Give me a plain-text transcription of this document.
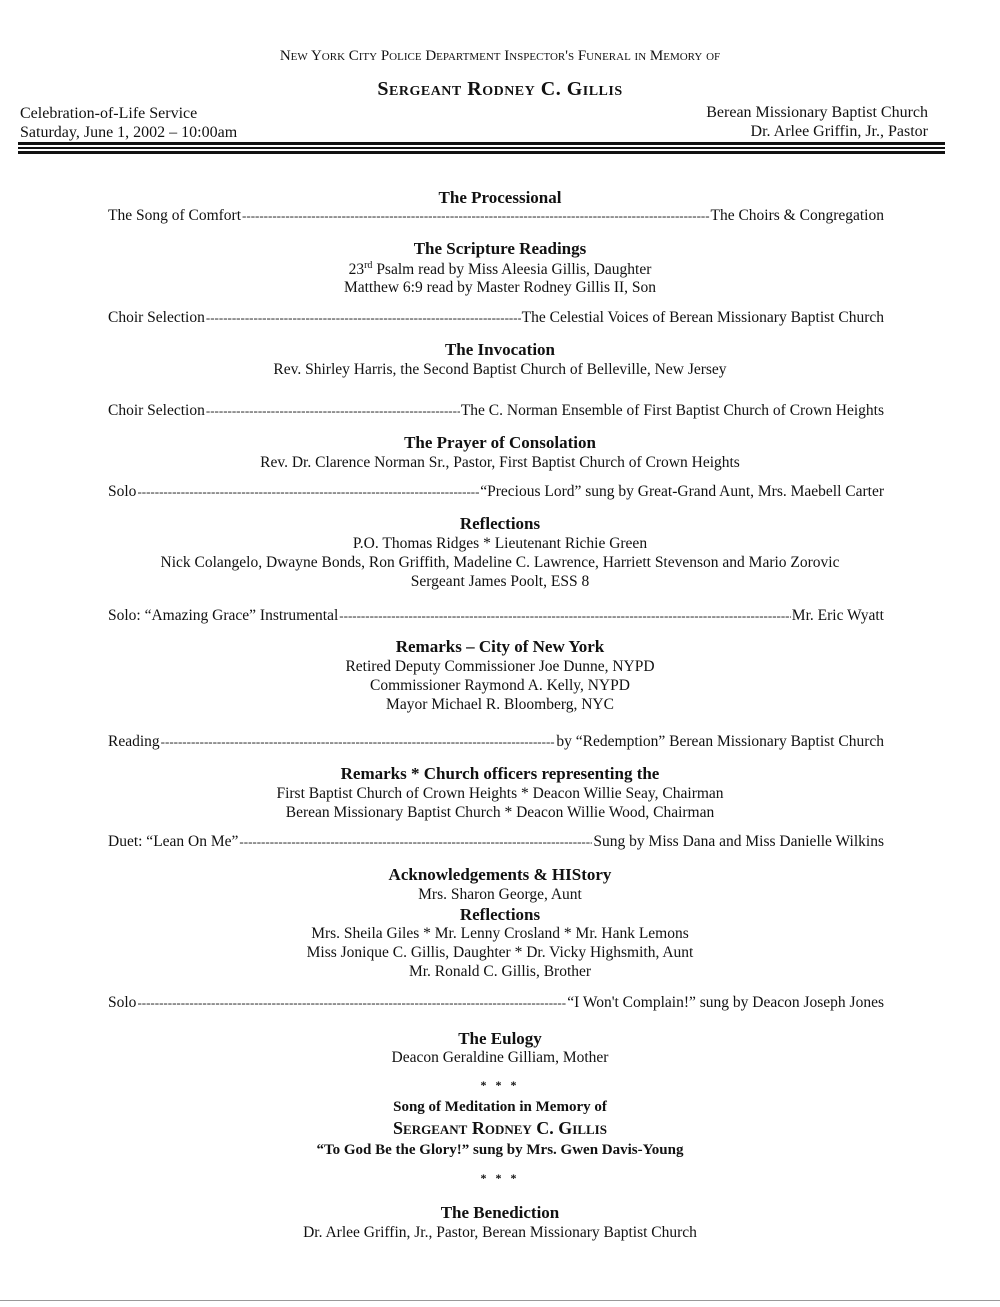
New York City Police Department Inspector's Funeral in Memory of
Sergeant Rodney C. Gillis
Celebration-of-Life Service
Saturday, June 1, 2002 – 10:00am
Berean Missionary Baptist Church
Dr. Arlee Griffin, Jr., Pastor
The Processional
The Song of Comfort -----	The Choirs & Congregation
The Scripture Readings
23rd Psalm read by Miss Aleesia Gillis, Daughter
Matthew 6:9 read by Master Rodney Gillis II, Son
Choir Selection -----	The Celestial Voices of Berean Missionary Baptist Church
The Invocation
Rev. Shirley Harris, the Second Baptist Church of Belleville, New Jersey
Choir Selection -----	The C. Norman Ensemble of First Baptist Church of Crown Heights
The Prayer of Consolation
Rev. Dr. Clarence Norman Sr., Pastor, First Baptist Church of Crown Heights
Solo -----	“Precious Lord” sung by Great-Grand Aunt, Mrs. Maebell Carter
Reflections
P.O. Thomas Ridges * Lieutenant Richie Green
Nick Colangelo, Dwayne Bonds, Ron Griffith, Madeline C. Lawrence, Harriett Stevenson and Mario Zorovic
Sergeant James Poolt, ESS 8
Solo: “Amazing Grace” Instrumental -----	Mr. Eric Wyatt
Remarks – City of New York
Retired Deputy Commissioner Joe Dunne, NYPD
Commissioner Raymond A. Kelly, NYPD
Mayor Michael R. Bloomberg, NYC
Reading -----	by “Redemption” Berean Missionary Baptist Church
Remarks * Church officers representing the
First Baptist Church of Crown Heights * Deacon Willie Seay, Chairman
Berean Missionary Baptist Church * Deacon Willie Wood, Chairman
Duet: “Lean On Me” -----	Sung by Miss Dana and Miss Danielle Wilkins
Acknowledgements & HIStory
Mrs. Sharon George, Aunt
Reflections
Mrs. Sheila Giles * Mr. Lenny Crosland * Mr. Hank Lemons
Miss Jonique C. Gillis, Daughter * Dr. Vicky Highsmith, Aunt
Mr. Ronald C. Gillis, Brother
Solo -----	“I Won't Complain!” sung by Deacon Joseph Jones
The Eulogy
Deacon Geraldine Gilliam, Mother
* * *
Song of Meditation in Memory of
Sergeant Rodney C. Gillis
“To God Be the Glory!” sung by Mrs. Gwen Davis-Young
* * *
The Benediction
Dr. Arlee Griffin, Jr., Pastor, Berean Missionary Baptist Church
